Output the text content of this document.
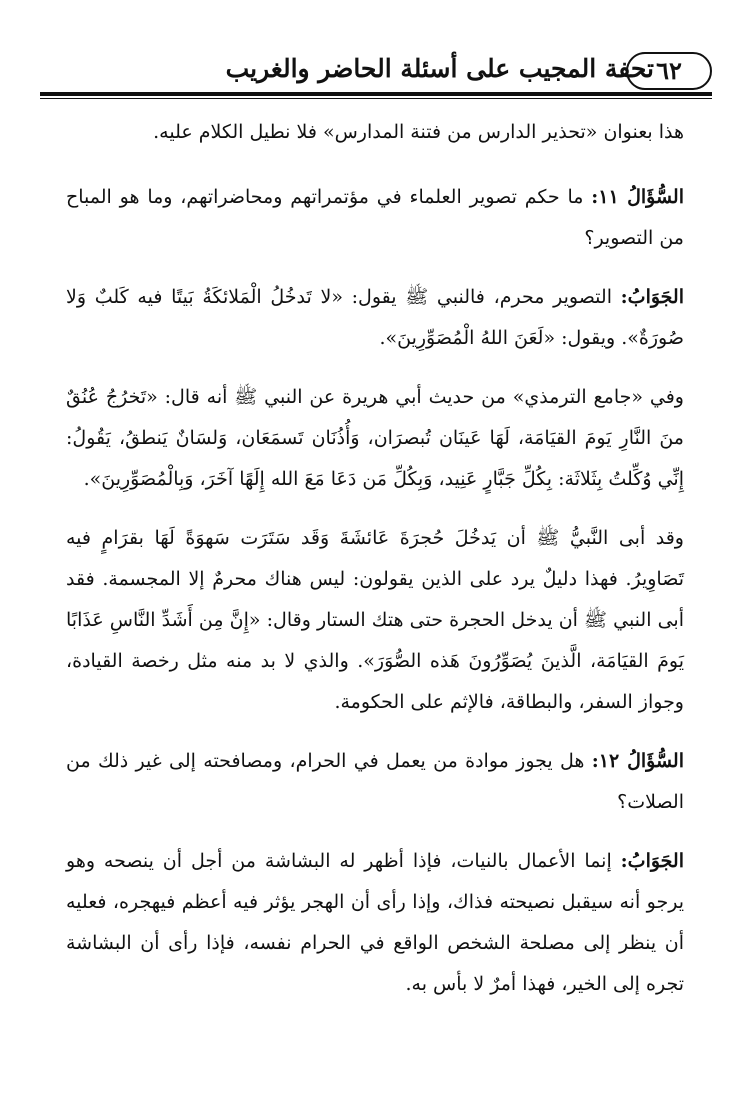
تحفة المجيب على أسئلة الحاضر والغريب ٦٢

هذا بعنوان «تحذير الدارس من فتنة المدارس» فلا نطيل الكلام عليه.

السُّؤَالُ ١١: ما حكم تصوير العلماء في مؤتمراتهم ومحاضراتهم، وما هو المباح من التصوير؟

الجَوَابُ: التصوير محرم، فالنبي ﷺ يقول: «لا تَدخُلُ الْمَلائكَةُ بَيتًا فيه كَلبٌ وَلا صُورَةٌ». ويقول: «لَعَنَ اللهُ الْمُصَوِّرِينَ».

وفي «جامع الترمذي» من حديث أبي هريرة عن النبي ﷺ أنه قال: «تَخرُجُ عُنُقٌ منَ النَّارِ يَومَ القيَامَة، لَهَا عَينَان تُبصرَان، وَأُذُنَان تَسمَعَان، وَلسَانٌ يَنطقُ، يَقُولُ: إِنِّي وُكِّلتُ بِثَلاثَة: بِكُلِّ جَبَّارٍ عَنِيد، وَبِكُلِّ مَن دَعَا مَعَ الله إِلَهًا آخَرَ، وَبِالْمُصَوِّرِينَ».

وقد أبى النَّبيُّ ﷺ أن يَدخُلَ حُجرَةَ عَائشَةَ وَقَد سَتَرَت سَهوَةً لَهَا بقرَامٍ فيه تَصَاوِيرُ. فهذا دليلٌ يرد على الذين يقولون: ليس هناك محرمٌ إلا المجسمة. فقد أبى النبي ﷺ أن يدخل الحجرة حتى هتك الستار وقال: «إِنَّ مِن أَشَدِّ النَّاسِ عَذَابًا يَومَ القيَامَة، الَّذينَ يُصَوِّرُونَ هَذه الصُّوَرَ». والذي لا بد منه مثل رخصة القيادة، وجواز السفر، والبطاقة، فالإثم على الحكومة.

السُّؤَالُ ١٢: هل يجوز موادة من يعمل في الحرام، ومصافحته إلى غير ذلك من الصلات؟

الجَوَابُ: إنما الأعمال بالنيات، فإذا أظهر له البشاشة من أجل أن ينصحه وهو يرجو أنه سيقبل نصيحته فذاك، وإذا رأى أن الهجر يؤثر فيه أعظم فيهجره، فعليه أن ينظر إلى مصلحة الشخص الواقع في الحرام نفسه، فإذا رأى أن البشاشة تجره إلى الخير، فهذا أمرٌ لا بأس به.
